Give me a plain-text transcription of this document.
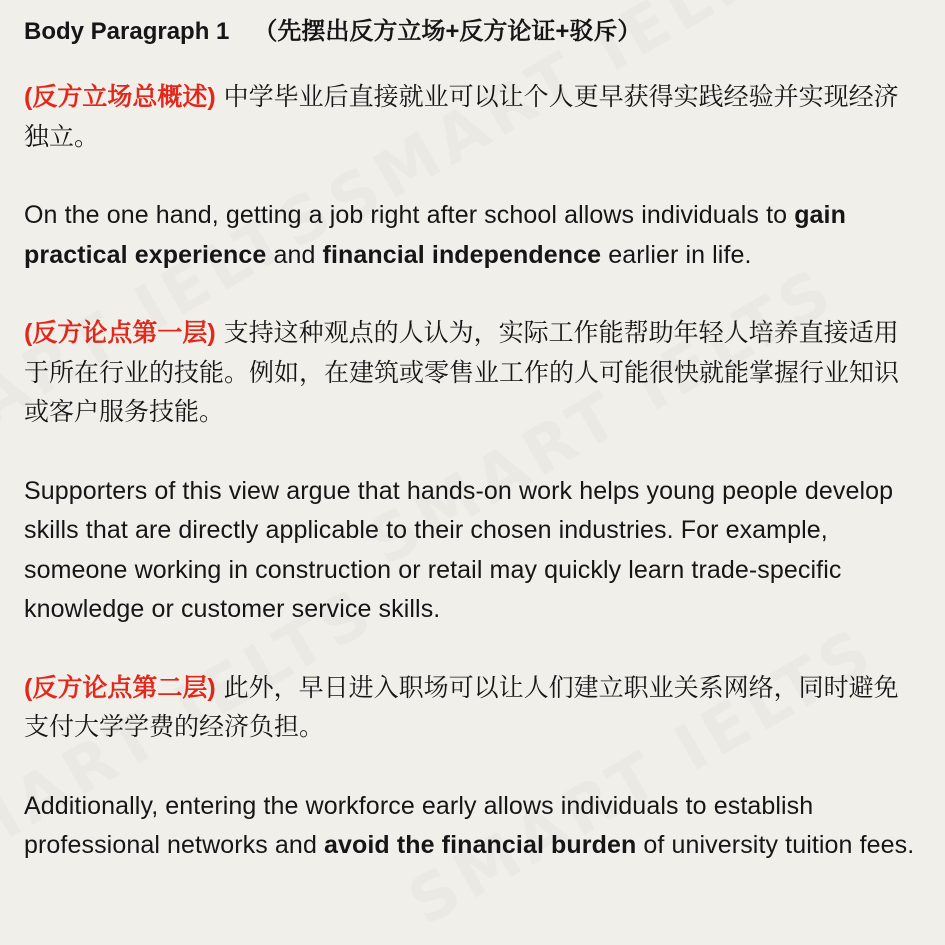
Body Paragraph 1 （先摆出反方立场+反方论证+驳斥）

(反方立场总概述) 中学毕业后直接就业可以让个人更早获得实践经验并实现经济独立。

On the one hand, getting a job right after school allows individuals to gain practical experience and financial independence earlier in life.

(反方论点第一层) 支持这种观点的人认为，实际工作能帮助年轻人培养直接适用于所在行业的技能。例如，在建筑或零售业工作的人可能很快就能掌握行业知识或客户服务技能。

Supporters of this view argue that hands-on work helps young people develop skills that are directly applicable to their chosen industries. For example, someone working in construction or retail may quickly learn trade-specific knowledge or customer service skills.

(反方论点第二层) 此外，早日进入职场可以让人们建立职业关系网络，同时避免支付大学学费的经济负担。

Additionally, entering the workforce early allows individuals to establish professional networks and avoid the financial burden of university tuition fees.
